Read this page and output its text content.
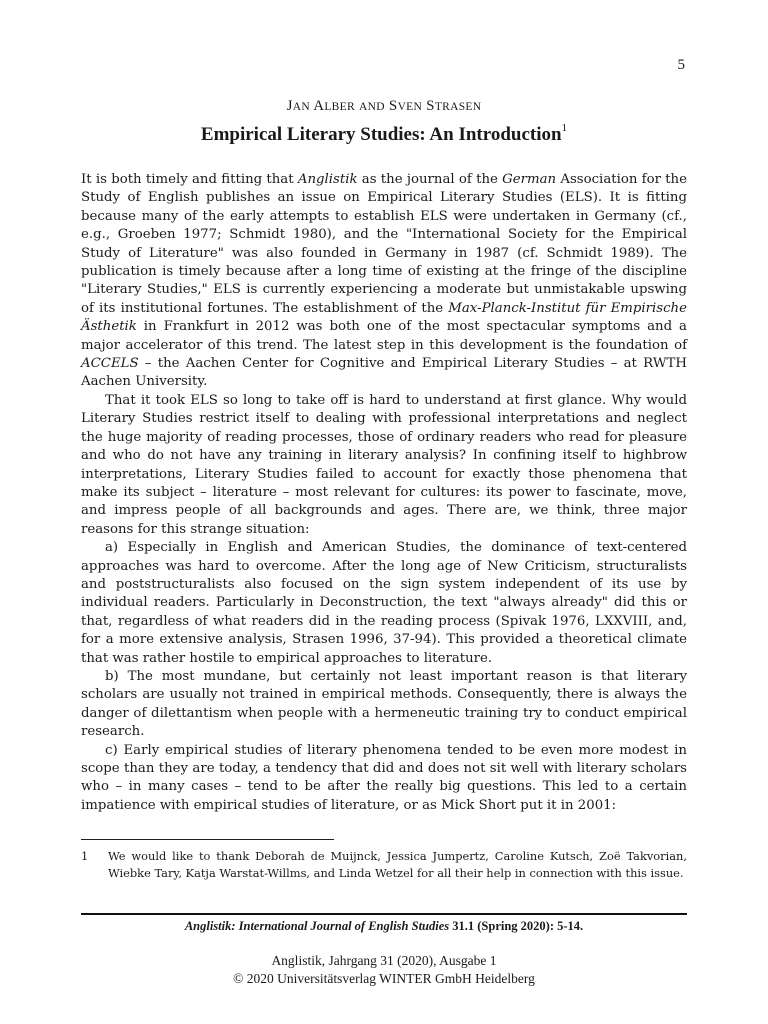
5
JAN ALBER AND SVEN STRASEN
Empirical Literary Studies: An Introduction$^1$

It is both timely and fitting that Anglistik as the journal of the German Association for the Study of English publishes an issue on Empirical Literary Studies (ELS). It is fitting because many of the early attempts to establish ELS were undertaken in Germany (cf., e.g., Groeben 1977; Schmidt 1980), and the "International Society for the Empirical Study of Literature" was also founded in Germany in 1987 (cf. Schmidt 1989). The publication is timely because after a long time of existing at the fringe of the discipline "Literary Studies," ELS is currently experiencing a moderate but unmistakable upswing of its institutional fortunes. The establishment of the Max-Planck-Institut für Empirische Ästhetik in Frankfurt in 2012 was both one of the most spectacular symptoms and a major accelerator of this trend. The latest step in this development is the foundation of ACCELS – the Aachen Center for Cognitive and Empirical Literary Studies – at RWTH Aachen University.

That it took ELS so long to take off is hard to understand at first glance. Why would Literary Studies restrict itself to dealing with professional interpretations and neglect the huge majority of reading processes, those of ordinary readers who read for pleasure and who do not have any training in literary analysis? In confining itself to highbrow interpretations, Literary Studies failed to account for exactly those phenomena that make its subject – literature – most relevant for cultures: its power to fascinate, move, and impress people of all backgrounds and ages. There are, we think, three major reasons for this strange situation:

a) Especially in English and American Studies, the dominance of text-centered approaches was hard to overcome. After the long age of New Criticism, structuralists and poststructuralists also focused on the sign system independent of its use by individual readers. Particularly in Deconstruction, the text "always already" did this or that, regardless of what readers did in the reading process (Spivak 1976, LXXVIII, and, for a more extensive analysis, Strasen 1996, 37-94). This provided a theoretical climate that was rather hostile to empirical approaches to literature.

b) The most mundane, but certainly not least important reason is that literary scholars are usually not trained in empirical methods. Consequently, there is always the danger of dilettantism when people with a hermeneutic training try to conduct empirical research.

c) Early empirical studies of literary phenomena tended to be even more modest in scope than they are today, a tendency that did and does not sit well with literary scholars who – in many cases – tend to be after the really big questions. This led to a certain impatience with empirical studies of literature, or as Mick Short put it in 2001:

1	We would like to thank Deborah de Muijnck, Jessica Jumpertz, Caroline Kutsch, Zoë Takvorian, Wiebke Tary, Katja Warstat-Willms, and Linda Wetzel for all their help in connection with this issue.
Anglistik: International Journal of English Studies 31.1 (Spring 2020): 5-14.
Anglistik, Jahrgang 31 (2020), Ausgabe 1
© 2020 Universitätsverlag WINTER GmbH Heidelberg
